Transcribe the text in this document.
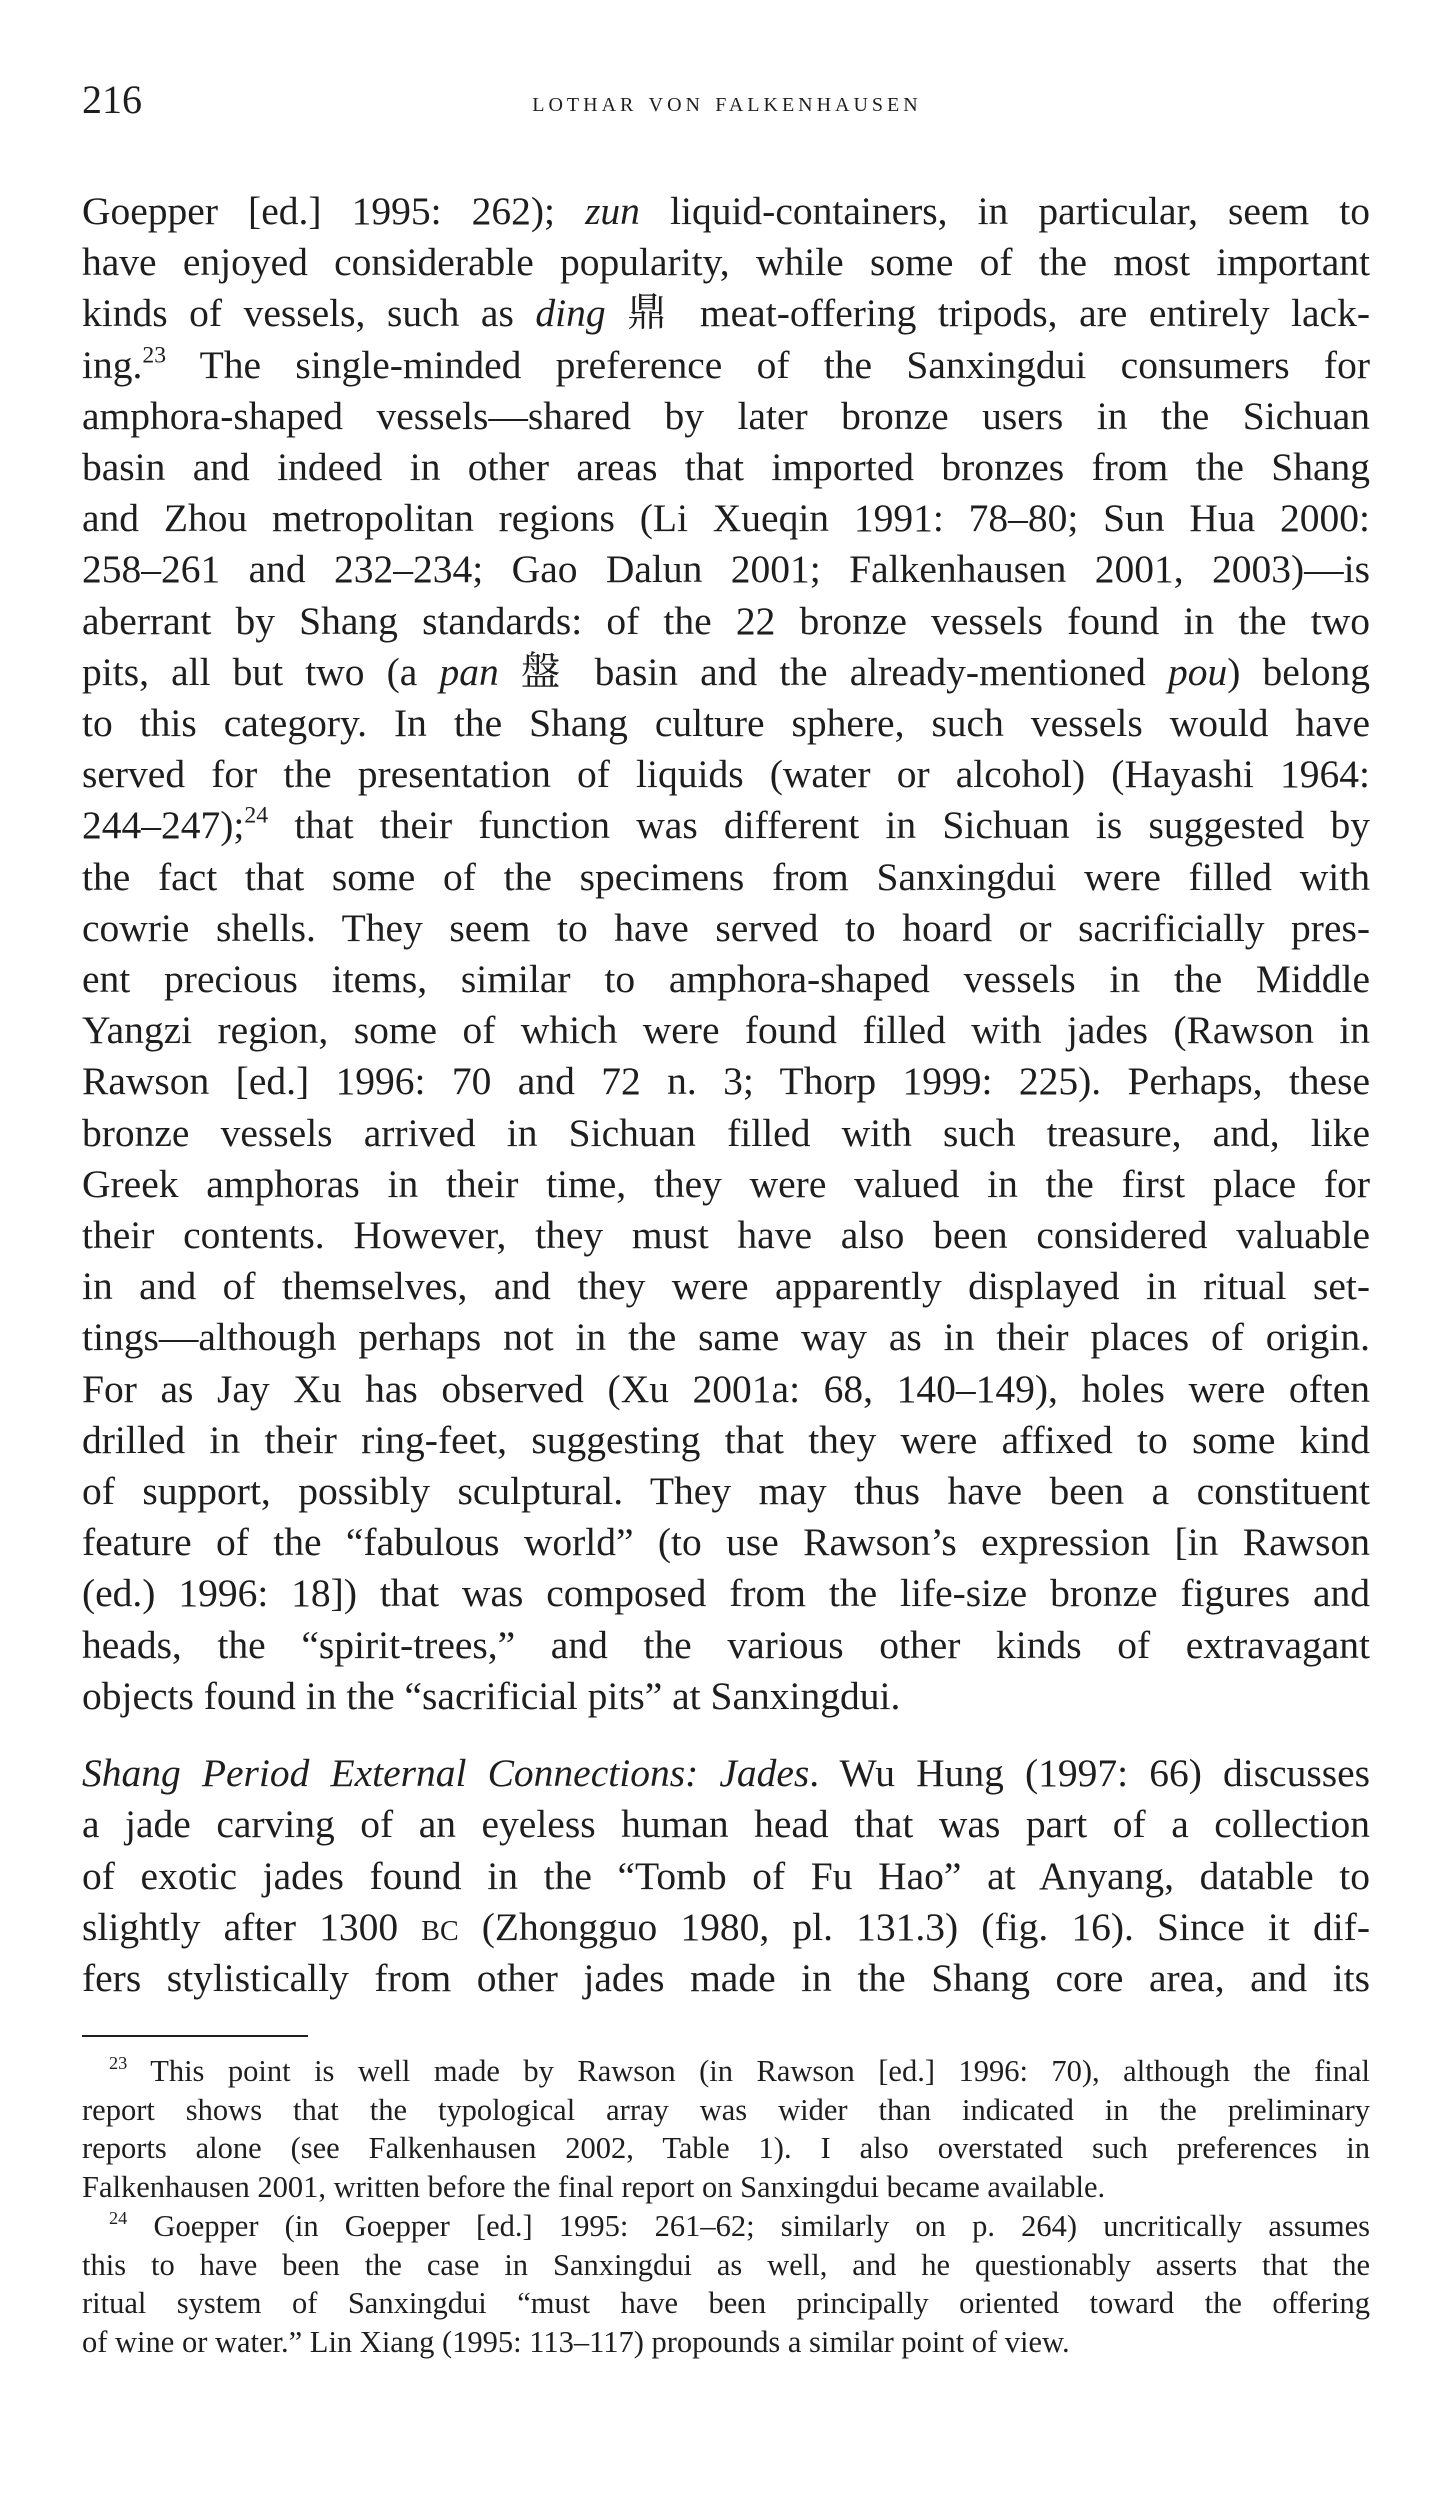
216	lothar von falkenhausen
Goepper [ed.] 1995: 262); zun liquid-containers, in particular, seem to
have enjoyed considerable popularity, while some of the most important
kinds of vessels, such as ding 鼎 meat-offering tripods, are entirely lack-
ing.$^{23}$ The single-minded preference of the Sanxingdui consumers for
amphora-shaped vessels—shared by later bronze users in the Sichuan
basin and indeed in other areas that imported bronzes from the Shang
and Zhou metropolitan regions (Li Xueqin 1991: 78–80; Sun Hua 2000:
258–261 and 232–234; Gao Dalun 2001; Falkenhausen 2001, 2003)—is
aberrant by Shang standards: of the 22 bronze vessels found in the two
pits, all but two (a pan 盤 basin and the already-mentioned pou) belong
to this category. In the Shang culture sphere, such vessels would have
served for the presentation of liquids (water or alcohol) (Hayashi 1964:
244–247);$^{24}$ that their function was different in Sichuan is suggested by
the fact that some of the specimens from Sanxingdui were filled with
cowrie shells. They seem to have served to hoard or sacrificially pres-
ent precious items, similar to amphora-shaped vessels in the Middle
Yangzi region, some of which were found filled with jades (Rawson in
Rawson [ed.] 1996: 70 and 72 n. 3; Thorp 1999: 225). Perhaps, these
bronze vessels arrived in Sichuan filled with such treasure, and, like
Greek amphoras in their time, they were valued in the first place for
their contents. However, they must have also been considered valuable
in and of themselves, and they were apparently displayed in ritual set-
tings—although perhaps not in the same way as in their places of origin.
For as Jay Xu has observed (Xu 2001a: 68, 140–149), holes were often
drilled in their ring-feet, suggesting that they were affixed to some kind
of support, possibly sculptural. They may thus have been a constituent
feature of the “fabulous world” (to use Rawson’s expression [in Rawson
(ed.) 1996: 18]) that was composed from the life-size bronze figures and
heads, the “spirit-trees,” and the various other kinds of extravagant
objects found in the “sacrificial pits” at Sanxingdui.
Shang Period External Connections: Jades. Wu Hung (1997: 66) discusses
a jade carving of an eyeless human head that was part of a collection
of exotic jades found in the “Tomb of Fu Hao” at Anyang, datable to
slightly after 1300 bc (Zhongguo 1980, pl. 131.3) (fig. 16). Since it dif-
fers stylistically from other jades made in the Shang core area, and its
$^{23}$ This point is well made by Rawson (in Rawson [ed.] 1996: 70), although the final
report shows that the typological array was wider than indicated in the preliminary
reports alone (see Falkenhausen 2002, Table 1). I also overstated such preferences in
Falkenhausen 2001, written before the final report on Sanxingdui became available.
$^{24}$ Goepper (in Goepper [ed.] 1995: 261–62; similarly on p. 264) uncritically assumes
this to have been the case in Sanxingdui as well, and he questionably asserts that the
ritual system of Sanxingdui “must have been principally oriented toward the offering
of wine or water.” Lin Xiang (1995: 113–117) propounds a similar point of view.
